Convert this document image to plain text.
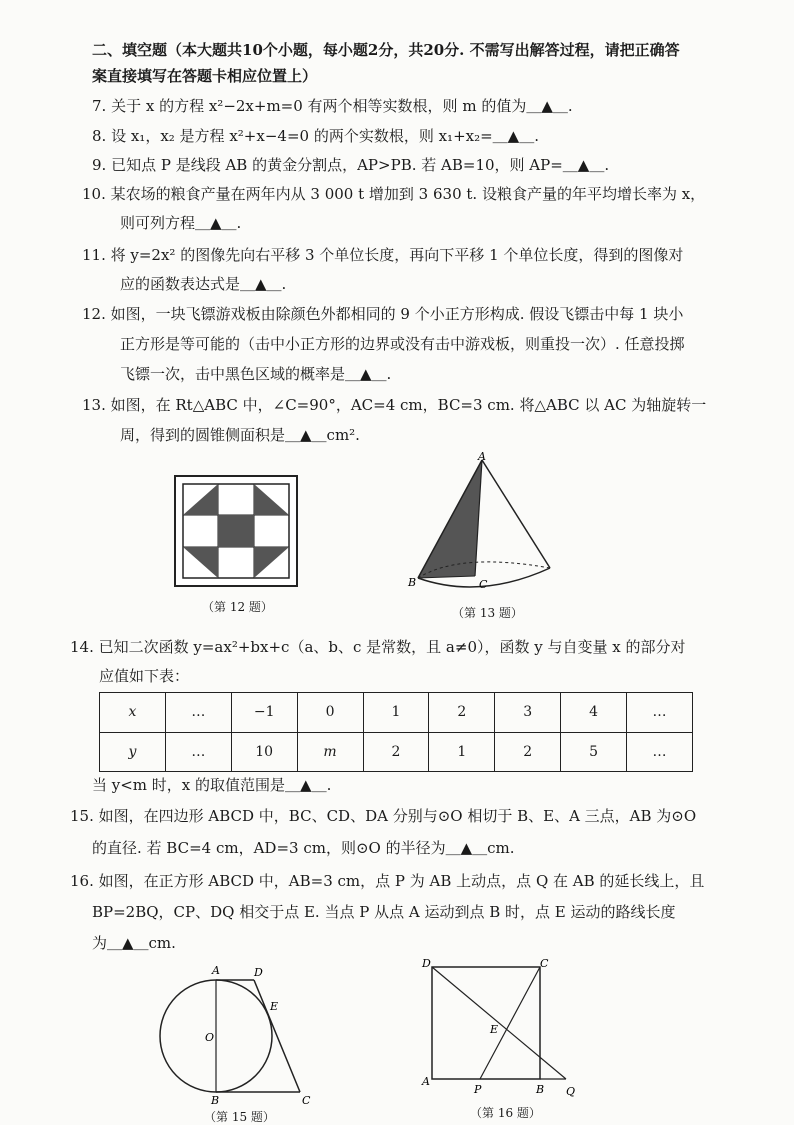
二、填空题（本大题共10个小题，每小题2分，共20分. 不需写出解答过程，请把正确答
案直接填写在答题卡相应位置上）
7. 关于 x 的方程 x²−2x+m=0 有两个相等实数根，则 m 的值为＿▲＿.
8. 设 x₁，x₂ 是方程 x²+x−4=0 的两个实数根，则 x₁+x₂=＿▲＿.
9. 已知点 P 是线段 AB 的黄金分割点，AP>PB. 若 AB=10，则 AP=＿▲＿.
10. 某农场的粮食产量在两年内从 3 000 t 增加到 3 630 t. 设粮食产量的年平均增长率为 x，
则可列方程＿▲＿.
11. 将 y=2x² 的图像先向右平移 3 个单位长度，再向下平移 1 个单位长度，得到的图像对
应的函数表达式是＿▲＿.
12. 如图，一块飞镖游戏板由除颜色外都相同的 9 个小正方形构成. 假设飞镖击中每 1 块小
正方形是等可能的（击中小正方形的边界或没有击中游戏板，则重投一次）. 任意投掷
飞镖一次，击中黑色区域的概率是＿▲＿.
13. 如图，在 Rt△ABC 中，∠C=90°，AC=4 cm，BC=3 cm. 将△ABC 以 AC 为轴旋转一
周，得到的圆锥侧面积是＿▲＿cm².
（第 12 题）
A
B	C
（第 13 题）
14. 已知二次函数 y=ax²+bx+c（a、b、c 是常数，且 a≠0），函数 y 与自变量 x 的部分对
应值如下表：
x	…	−1	0	1	2	3	4	…
y	…	10	m	2	1	2	5	…
当 y<m 时，x 的取值范围是＿▲＿.
15. 如图，在四边形 ABCD 中，BC、CD、DA 分别与⊙O 相切于 B、E、A 三点，AB 为⊙O
的直径. 若 BC=4 cm，AD=3 cm，则⊙O 的半径为＿▲＿cm.
16. 如图，在正方形 ABCD 中，AB=3 cm，点 P 为 AB 上动点，点 Q 在 AB 的延长线上，且
BP=2BQ，CP、DQ 相交于点 E. 当点 P 从点 A 运动到点 B 时，点 E 运动的路线长度
为＿▲＿cm.
A	D
E
O
B	C
（第 15 题）
D	C
E
A
P	B Q
（第 16 题）
